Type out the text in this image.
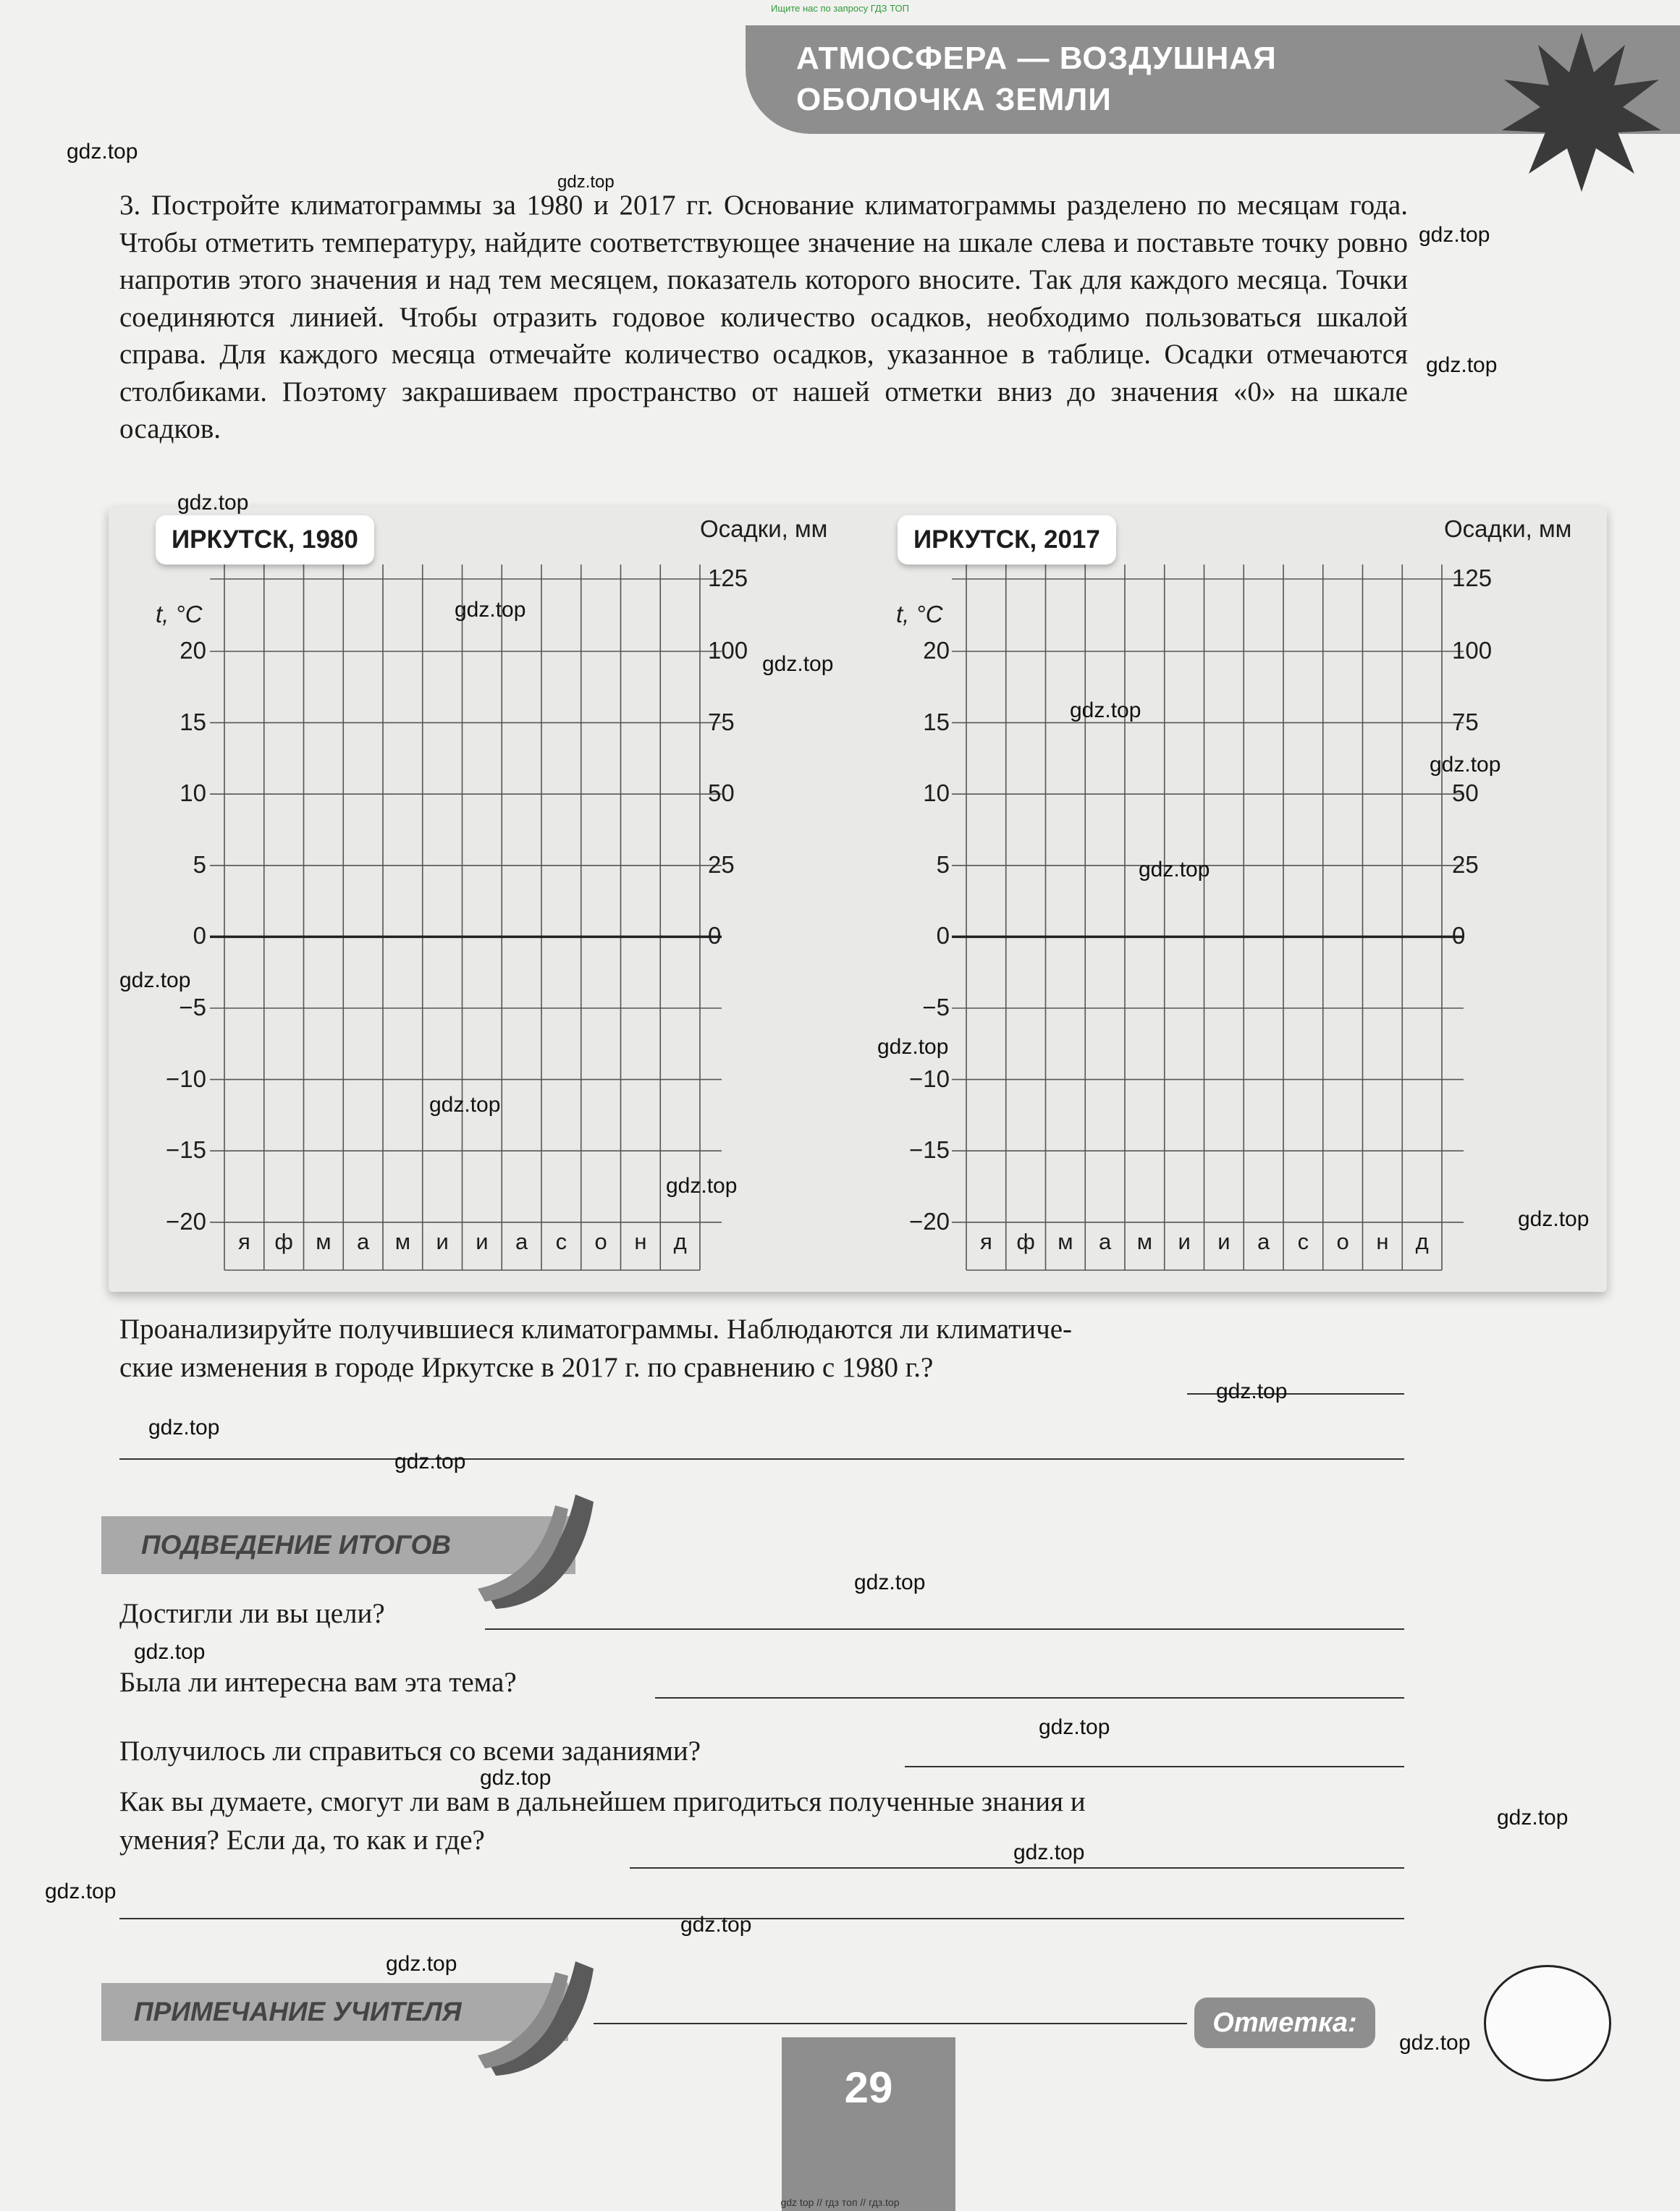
Ищите нас по запросу ГДЗ ТОП
АТМОСФЕРА — ВОЗДУШНАЯ
ОБОЛОЧКА ЗЕМЛИ

3. Постройте климатограммы за 1980 и 2017 гг. Основание климатограммы разделено по месяцам года. Чтобы отметить температуру, найдите соответствующее значение на шкале слева и поставьте точку ровно напротив этого значения и над тем месяцем, показатель которого вносите. Так для каждого месяца. Точки соединяются линией. Чтобы отразить годовое количество осадков, необходимо пользоваться шкалой справа. Для каждого месяца отмечайте количество осадков, указанное в таблице. Осадки отмечаются столбиками. Поэтому закрашиваем пространство от нашей отметки вниз до значения «0» на шкале осадков.

ИРКУТСК, 1980	ИРКУТСК, 2017
Осадки, мм	Осадки, мм
t, °C	t, °C
20
15
10
5
0
−5
−10
−15
−20
125
100
75
50
25
0
я	ф	м	а	м	и	и	а	с	о	н	д
20
15
10
5
0
−5
−10
−15
−20
125
100
75
50
25
0
я	ф	м	а	м	и	и	а	с	о	н	д
Проанализируйте получившиеся климатограммы. Наблюдаются ли климатиче-
ские изменения в городе Иркутске в 2017 г. по сравнению с 1980 г.?
ПОДВЕДЕНИЕ ИТОГОВ
Достигли ли вы цели?
Была ли интересна вам эта тема?
Получилось ли справиться со всеми заданиями?
Как вы думаете, смогут ли вам в дальнейшем пригодиться полученные знания и
умения? Если да, то как и где?
ПРИМЕЧАНИЕ УЧИТЕЛЯ	Отметка:
29
gdz.top
gdz.top
gdz.top
gdz.top
gdz.top
gdz.top
gdz.top
gdz.top
gdz.top
gdz.top
gdz.top
gdz.top
gdz.top
gdz.top
gdz.top
gdz.top
gdz.top
gdz.top
gdz.top
gdz.top
gdz.top
gdz.top
gdz.top
gdz.top
gdz.top
gdz.top
gdz.top
gdz.top
gdz top // гдз топ // гдз.top
